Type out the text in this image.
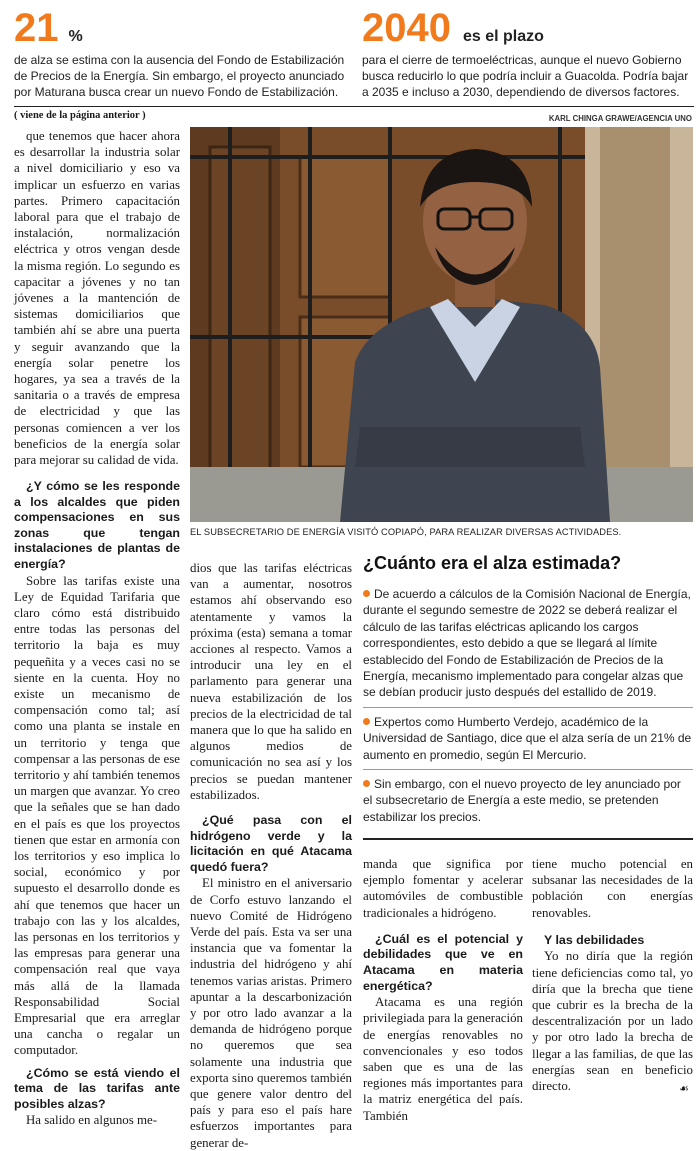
21 %
de alza se estima con la ausencia del Fondo de Estabilización de Precios de la Energía. Sin embargo, el proyecto anunciado por Maturana busca crear un nuevo Fondo de Estabilización.
2040 es el plazo
para el cierre de termoeléctricas, aunque el nuevo Gobierno busca reducirlo lo que podría incluir a Guacolda. Podría bajar a 2035 e incluso a 2030, dependiendo de diversos factores.
( viene de la página anterior )	KARL CHINGA GRAWE/AGENCIA UNO

que tenemos que hacer ahora es desarrollar la industria solar a nivel domiciliario y eso va implicar un esfuerzo en varias partes. Primero capacitación laboral para que el trabajo de instalación, normalización eléctrica y otros vengan desde la misma región. Lo segundo es capacitar a jóvenes y no tan jóvenes a la mantención de sistemas domiciliarios que también ahí se abre una puerta y seguir avanzando que la energía solar penetre los hogares, ya sea a través de la sanitaria o a través de empresa de electricidad y que las personas comiencen a ver los beneficios de la energía solar para mejorar su calidad de vida.

EL SUBSECRETARIO DE ENERGÍA VISITÓ COPIAPÓ, PARA REALIZAR DIVERSAS ACTIVIDADES.

¿Y cómo se les responde a los alcaldes que piden compensaciones en sus zonas que tengan instalaciones de plantas de energía?

Sobre las tarifas existe una Ley de Equidad Tarifaria que claro cómo está distribuido entre todas las personas del territorio la baja es muy pequeñita y a veces casi no se siente en la cuenta. Hoy no existe un mecanismo de compensación como tal; así como una planta se instale en un territorio y tenga que compensar a las personas de ese territorio y ahí también tenemos un margen que avanzar. Yo creo que la señales que se han dado en el país es que los proyectos tienen que estar en armonía con los territorios y eso implica lo social, económico y por supuesto el desarrollo donde es ahí que tenemos que hacer un trabajo con las y los alcaldes, las personas en los territorios y las empresas para generar una compensación real que vaya más allá de la llamada Responsabilidad Social Empresarial que era arreglar una cancha o regalar un computador.

¿Cómo se está viendo el tema de las tarifas ante posibles alzas?

Ha salido en algunos me-

dios que las tarifas eléctricas van a aumentar, nosotros estamos ahí observando eso atentamente y vamos la próxima (esta) semana a tomar acciones al respecto. Vamos a introducir una ley en el parlamento para generar una nueva estabilización de los precios de la electricidad de tal manera que lo que ha salido en algunos medios de comunicación no sea así y los precios se puedan mantener estabilizados.

¿Qué pasa con el hidrógeno verde y la licitación en qué Atacama quedó fuera?

El ministro en el aniversario de Corfo estuvo lanzando el nuevo Comité de Hidrógeno Verde del país. Esta va ser una instancia que va fomentar la industria del hidrógeno y ahí tenemos varias aristas. Primero apuntar a la descarbonización y por otro lado avanzar a la demanda de hidrógeno porque no queremos que sea solamente una industria que exporta sino queremos también que genere valor dentro del país y para eso el país hare esfuerzos importantes para generar de-

¿Cuánto era el alza estimada?
De acuerdo a cálculos de la Comisión Nacional de Energía, durante el segundo semestre de 2022 se deberá realizar el cálculo de las tarifas eléctricas aplicando los cargos correspondientes, esto debido a que se llegará al límite establecido del Fondo de Estabilización de Precios de la Energía, mecanismo implementado para congelar alzas que se debían producir justo después del estallido de 2019.
Expertos como Humberto Verdejo, académico de la Universidad de Santiago, dice que el alza sería de un 21% de aumento en promedio, según El Mercurio.
Sin embargo, con el nuevo proyecto de ley anunciado por el subsecretario de Energía a este medio, se pretenden estabilizar los precios.

manda que significa por ejemplo fomentar y acelerar automóviles de combustible tradicionales a hidrógeno.

¿Cuál es el potencial y debilidades que ve en Atacama en materia energética?

Atacama es una región privilegiada para la generación de energías renovables no convencionales y eso todos saben que es una de las regiones más importantes para la matriz energética del país. También

tiene mucho potencial en subsanar las necesidades de la población con energías renovables.

Y las debilidades

Yo no diría que la región tiene deficiencias como tal, yo diría que la brecha que tiene que cubrir es la brecha de la descentralización por un lado y por otro lado la brecha de llegar a las familias, de que las energías sean en beneficio directo.	☙
